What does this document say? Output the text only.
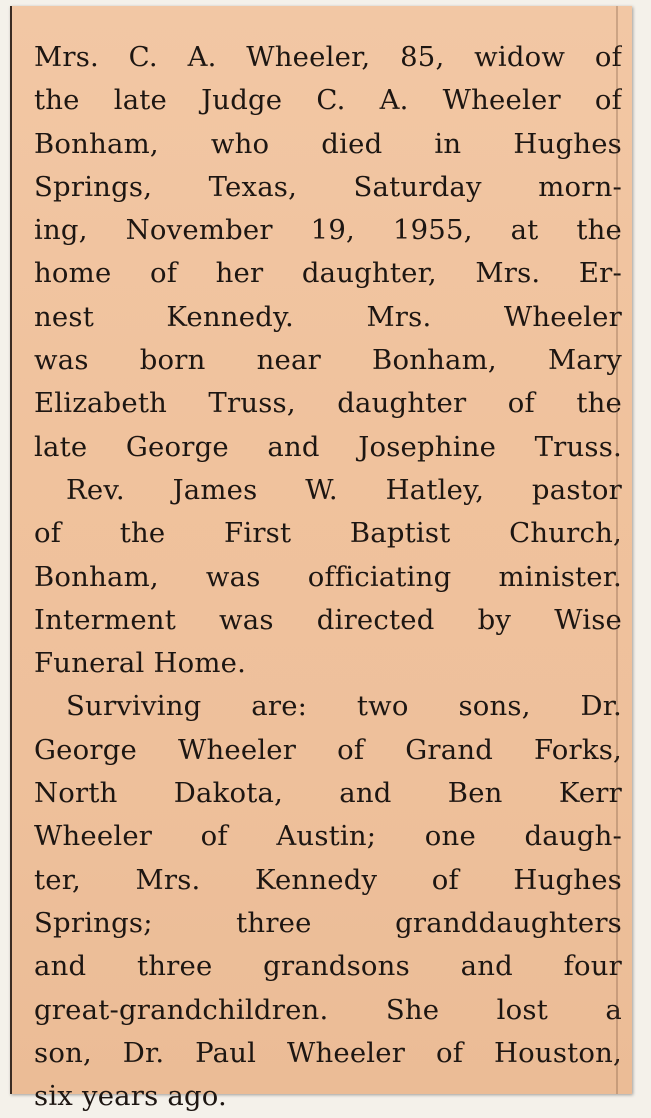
Mrs. C. A. Wheeler, 85, widow of
the late Judge C. A. Wheeler of
Bonham, who died in Hughes
Springs, Texas, Saturday morn-
ing, November 19, 1955, at the
home of her daughter, Mrs. Er-
nest Kennedy. Mrs. Wheeler
was born near Bonham, Mary
Elizabeth Truss, daughter of the
late George and Josephine Truss.
Rev. James W. Hatley, pastor
of the First Baptist Church,
Bonham, was officiating minister.
Interment was directed by Wise
Funeral Home.
Surviving are: two sons, Dr.
George Wheeler of Grand Forks,
North Dakota, and Ben Kerr
Wheeler of Austin; one daugh-
ter, Mrs. Kennedy of Hughes
Springs; three granddaughters
and three grandsons and four
great-grandchildren. She lost a
son, Dr. Paul Wheeler of Houston,
six years ago.
